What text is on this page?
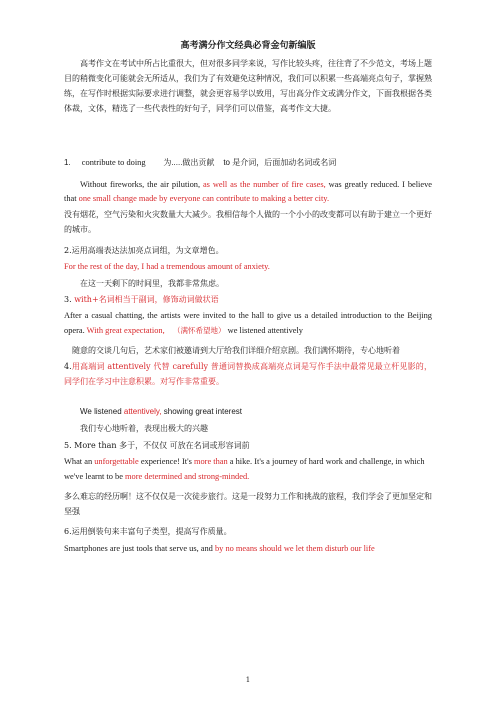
高考满分作文经典必背金句新编版
高考作文在考试中所占比重很大，但对很多同学来说，写作比较头疼，往往背了不少范文，考场上题目的稍微变化可能就会无所适从，我们为了有效避免这种情况，我们可以积累一些高端亮点句子，掌握熟练，在写作时根据实际要求进行调整，就会更容易学以致用，写出高分作文或满分作文，下面我根据各类体裁，文体，精选了一些代表性的好句子，同学们可以借鉴，高考作文大捷。
1. contribute to doing 为.....做出贡献 to 是介词，后面加动名词或名词
Without fireworks, the air pilution, as well as the number of fire cases, was greatly reduced. I believe that one small change made by everyone can contribute to making a better city.
没有烟花，空气污染和火灾数量大大减少。我相信每个人做的一个小小的改变都可以有助于建立一个更好的城市。
2.运用高端表达法加亮点词组，为文章增色。
For the rest of the day, I had a tremendous amount of anxiety.
在这一天剩下的时间里，我都非常焦虑。
3. with+名词相当于副词，修饰动词做状语
After a casual chatting, the artists were invited to the hall to give us a detailed introduction to the Beijing opera. With great expectation, （满怀希望地） we listened attentively
随意的交谈几句后，艺术家们被邀请到大厅给我们详细介绍京剧。我们满怀期待，专心地听着
4.用高端词 attentively 代替 carefully 普通词替换成高端亮点词是写作手法中最常见最立杆见影的，同学们在学习中注意积累。对写作非常重要。
We listened attentively, showing great interest
我们专心地听着，表现出极大的兴趣
5. More than 多于，不仅仅 可放在名词或形容词前
What an unforgettable experience! It's more than a hike. It's a journey of hard work and challenge, in which we've learnt to be more determined and strong-minded.
多么难忘的经历啊！这不仅仅是一次徒步旅行。这是一段努力工作和挑战的旅程，我们学会了更加坚定和坚强
6.运用倒装句来丰富句子类型，提高写作质量。
Smartphones are just tools that serve us, and by no means should we let them disturb our life
1
